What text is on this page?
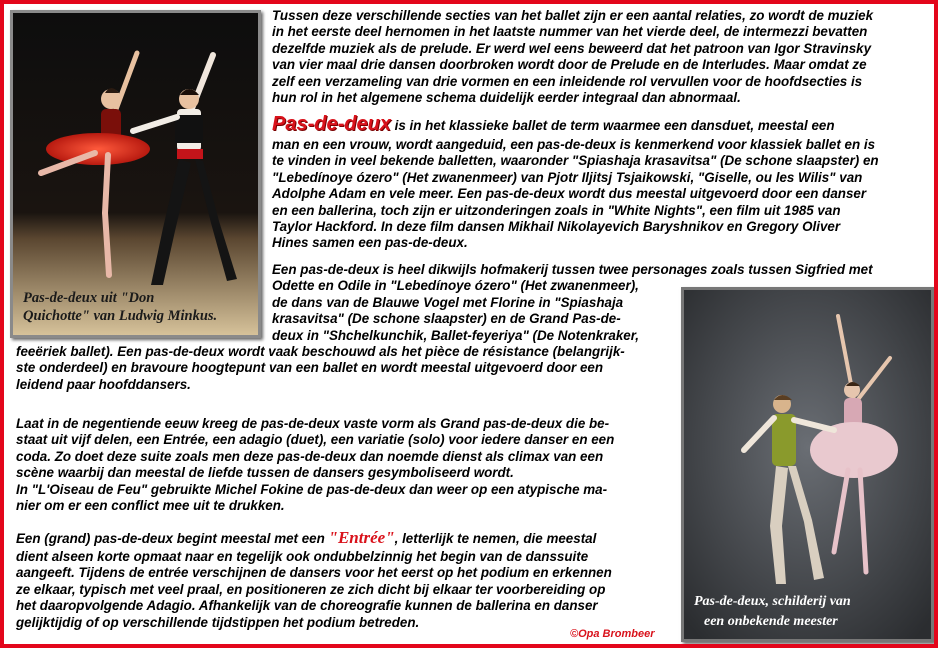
Pas-de-deux uit "Don
Quichotte" van Ludwig Minkus.
Pas-de-deux, schilderij van
een onbekende meester
Tussen deze verschillende secties van het ballet zijn er een aantal relaties, zo wordt de muziek
in het eerste deel hernomen in het laatste nummer van het vierde deel, de intermezzi bevatten
dezelfde muziek als de prelude. Er werd wel eens beweerd dat het patroon van Igor Stravinsky
van vier maal drie dansen doorbroken wordt door de Prelude en de Interludes. Maar omdat ze
zelf een verzameling van drie vormen en een inleidende rol vervullen voor de hoofdsecties is
hun rol in het algemene schema duidelijk eerder integraal dan abnormaal.
Pas-de-deux is in het klassieke ballet de term waarmee een dansduet, meestal een
man en een vrouw, wordt aangeduid, een pas-de-deux is kenmerkend voor klassiek ballet en is
te vinden in veel bekende balletten, waaronder "Spiashaja krasavitsa" (De schone slaapster) en
"Lebedínoye ózero" (Het zwanenmeer) van Pjotr Iljitsj Tsjaikowski, "Giselle, ou les Wilis" van
Adolphe Adam en vele meer. Een pas-de-deux wordt dus meestal uitgevoerd door een danser
en een ballerina, toch zijn er uitzonderingen zoals in "White Nights", een film uit 1985 van
Taylor Hackford. In deze film dansen Mikhail Nikolayevich Baryshnikov en Gregory Oliver
Hines samen een pas-de-deux.
Een pas-de-deux is heel dikwijls hofmakerij tussen twee personages zoals tussen Sigfried met
Odette en Odile in "Lebedínoye ózero" (Het zwanenmeer),
de dans van de Blauwe Vogel met Florine in "Spiashaja
krasavitsa" (De schone slaapster) en de Grand Pas-de-
deux in "Shchelkunchik, Ballet-feyeriya" (De Notenkraker,
feeëriek ballet). Een pas-de-deux wordt vaak beschouwd als het pièce de résistance (belangrijk-
ste onderdeel) en bravoure hoogtepunt van een ballet en wordt meestal uitgevoerd door een
leidend paar hoofddansers.
Laat in de negentiende eeuw kreeg de pas-de-deux vaste vorm als Grand pas-de-deux die be-
staat uit vijf delen, een Entrée, een adagio (duet), een variatie (solo) voor iedere danser en een
coda. Zo doet deze suite zoals men deze pas-de-deux dan noemde dienst als climax van een
scène waarbij dan meestal de liefde tussen de dansers gesymboliseerd wordt.
In "L'Oiseau de Feu" gebruikte Michel Fokine de pas-de-deux dan weer op een atypische ma-
nier om er een conflict mee uit te drukken.
Een (grand) pas-de-deux begint meestal met een "Entrée", letterlijk te nemen, die meestal
dient alseen korte opmaat naar en tegelijk ook ondubbelzinnig het begin van de danssuite
aangeeft. Tijdens de entrée verschijnen de dansers voor het eerst op het podium en erkennen
ze elkaar, typisch met veel praal, en positioneren ze zich dicht bij elkaar ter voorbereiding op
het daaropvolgende Adagio. Afhankelijk van de choreografie kunnen de ballerina en danser
gelijktijdig of op verschillende tijdstippen het podium betreden.
©Opa Brombeer
